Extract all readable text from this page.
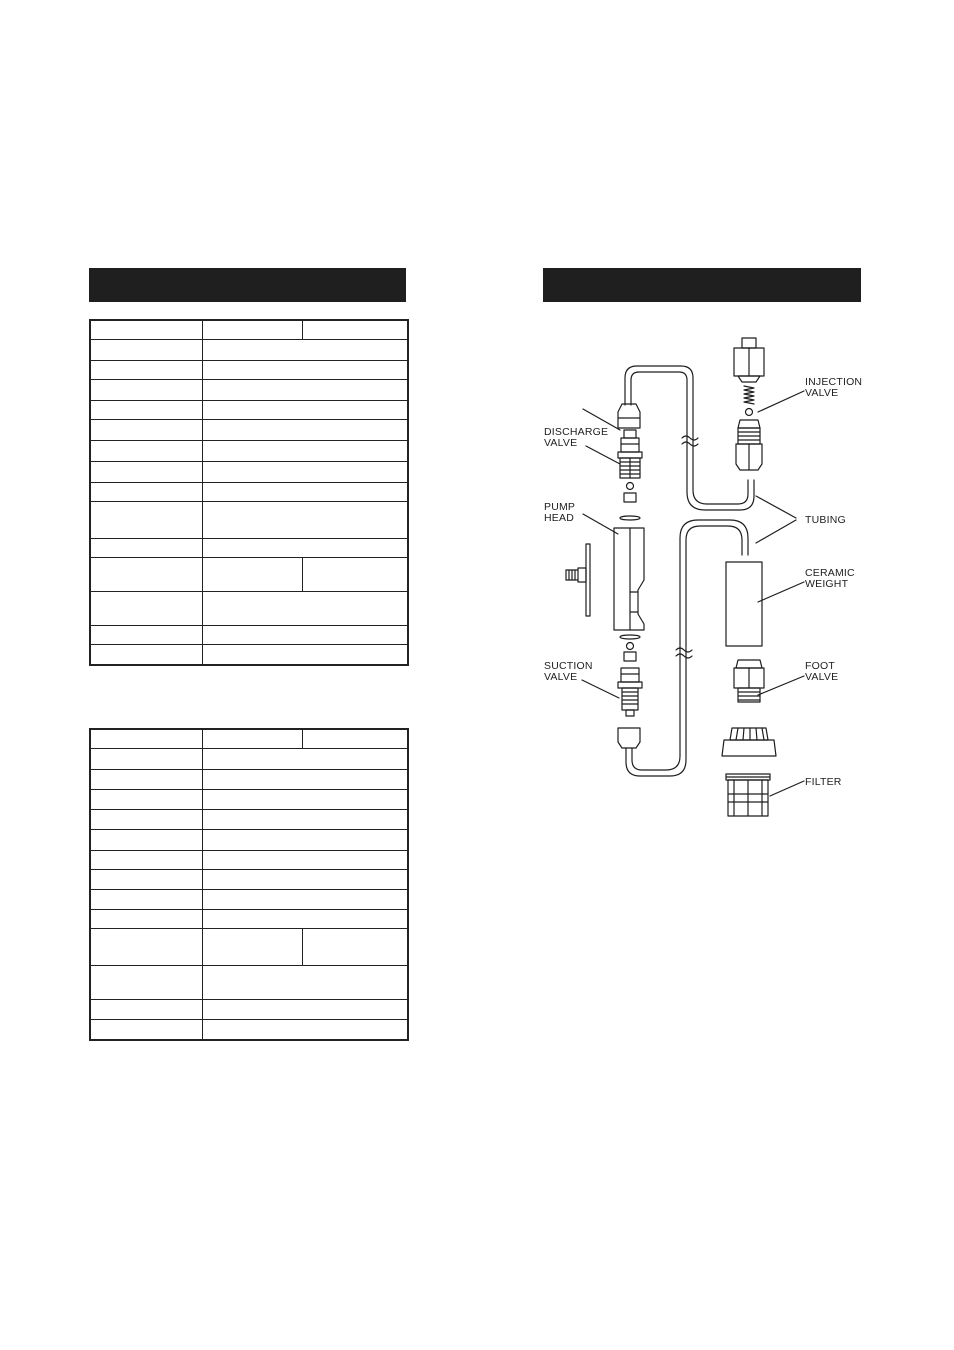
DISCHARGE
VALVE
PUMP
HEAD
SUCTION
VALVE
INJECTION
VALVE
TUBING
CERAMIC
WEIGHT
FOOT
VALVE
FILTER
